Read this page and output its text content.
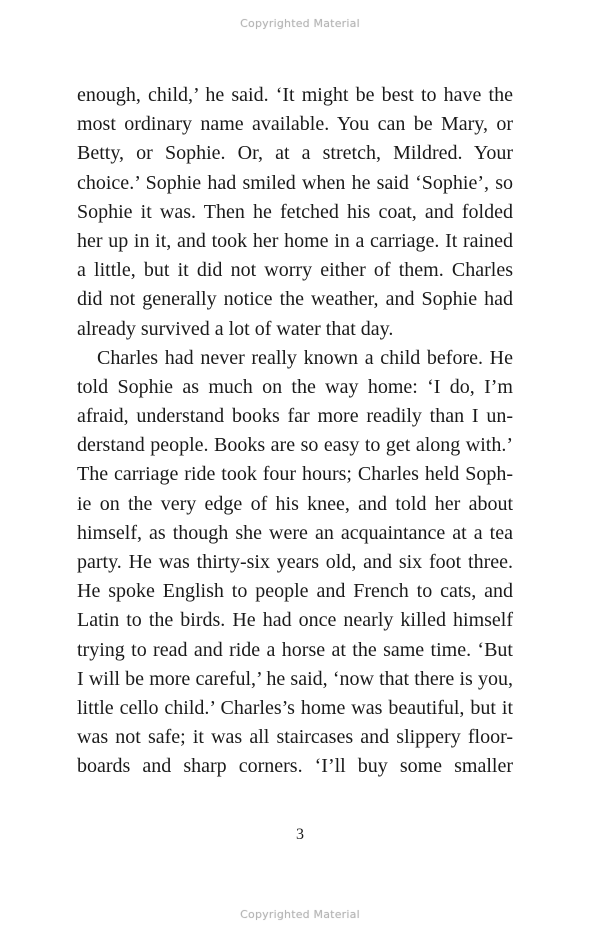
Copyrighted Material
enough, child,’ he said. ‘It might be best to have the
most ordinary name available. You can be Mary, or
Betty, or Sophie. Or, at a stretch, Mildred. Your
choice.’ Sophie had smiled when he said ‘Sophie’, so
Sophie it was. Then he fetched his coat, and folded
her up in it, and took her home in a carriage. It rained
a little, but it did not worry either of them. Charles
did not generally notice the weather, and Sophie had
already survived a lot of water that day.
Charles had never really known a child before. He
told Sophie as much on the way home: ‘I do, I’m
afraid, understand books far more readily than I un-
derstand people. Books are so easy to get along with.’
The carriage ride took four hours; Charles held Soph-
ie on the very edge of his knee, and told her about
himself, as though she were an acquaintance at a tea
party. He was thirty-six years old, and six foot three.
He spoke English to people and French to cats, and
Latin to the birds. He had once nearly killed himself
trying to read and ride a horse at the same time. ‘But
I will be more careful,’ he said, ‘now that there is you,
little cello child.’ Charles’s home was beautiful, but it
was not safe; it was all staircases and slippery floor-
boards and sharp corners. ‘I’ll buy some smaller
3
Copyrighted Material
